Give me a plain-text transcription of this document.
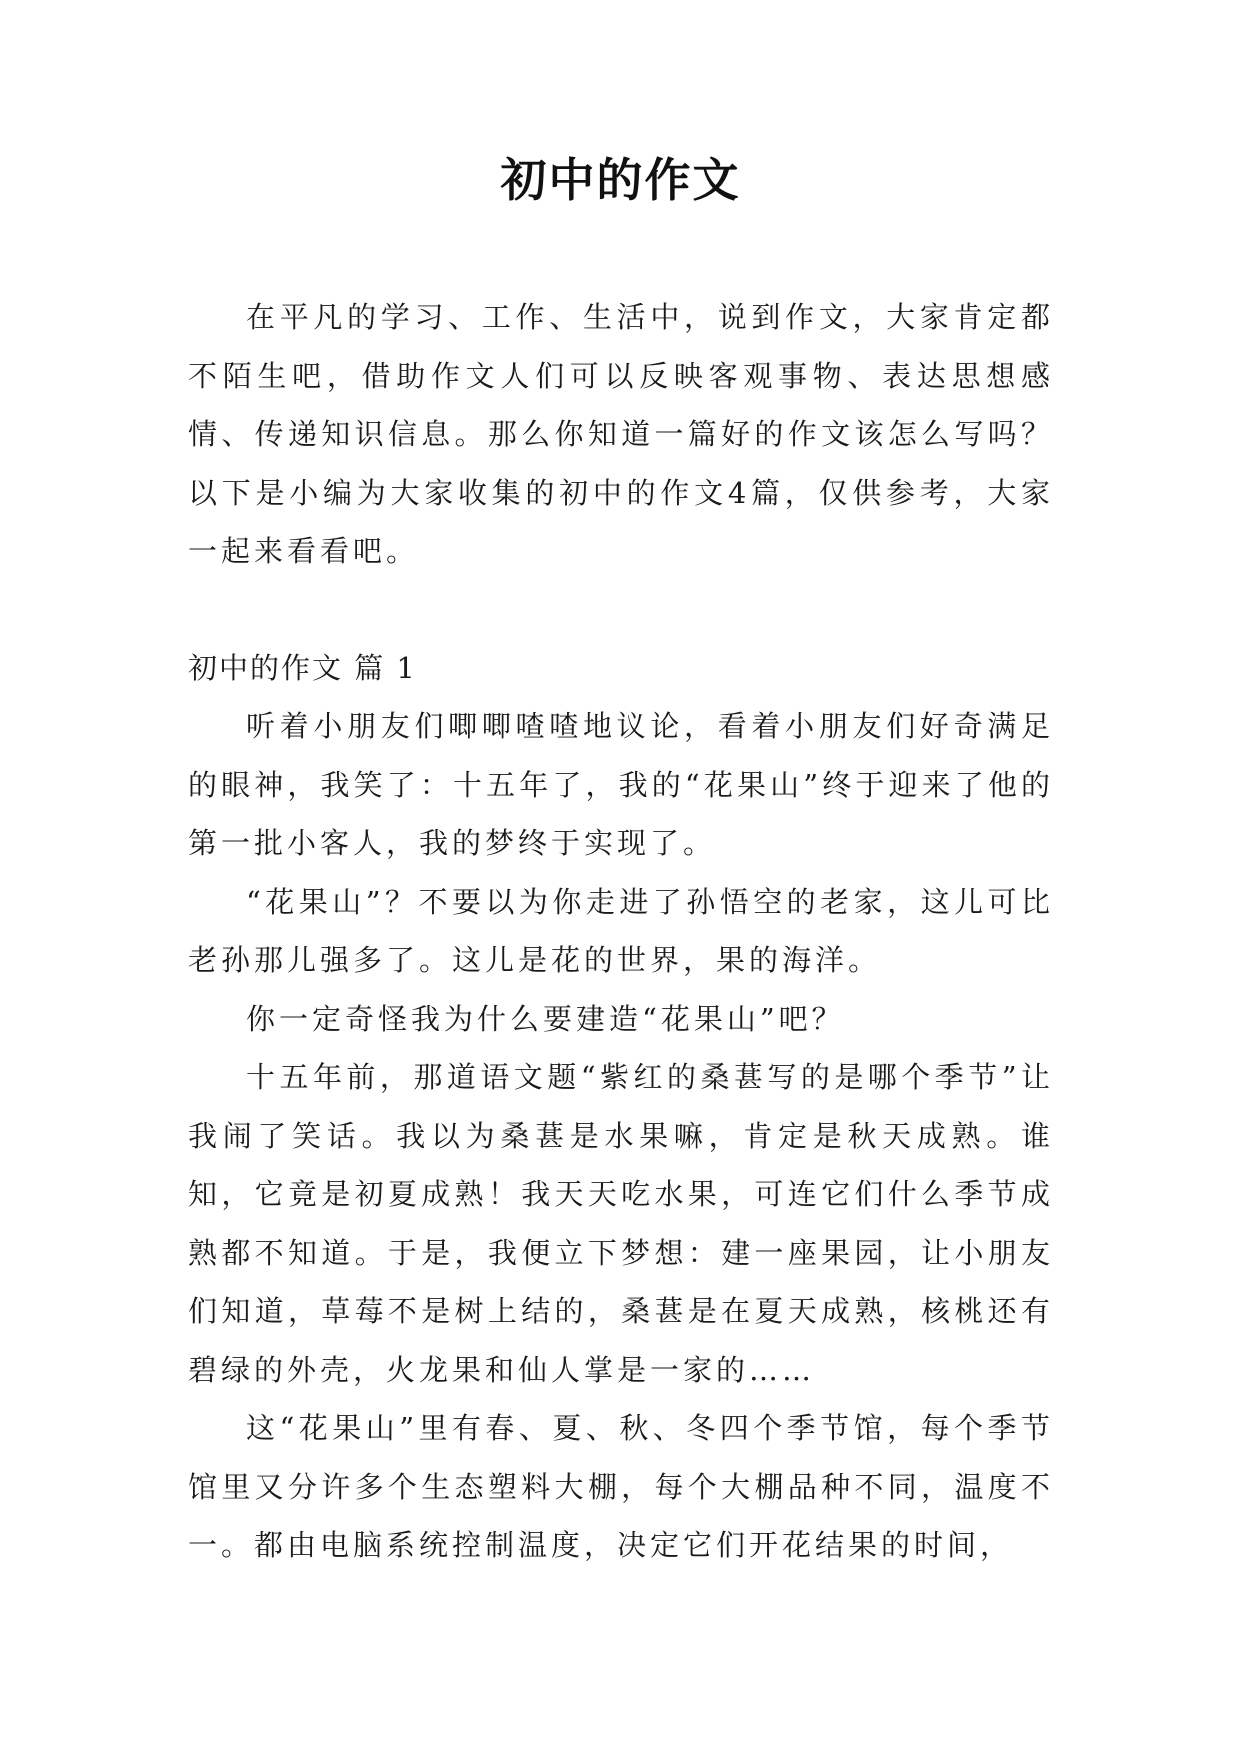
初中的作文

在平凡的学习、工作、生活中，说到作文，大家肯定都不陌生吧，借助作文人们可以反映客观事物、表达思想感情、传递知识信息。那么你知道一篇好的作文该怎么写吗？以下是小编为大家收集的初中的作文4篇，仅供参考，大家一起来看看吧。

初中的作文 篇 1

听着小朋友们唧唧喳喳地议论，看着小朋友们好奇满足的眼神，我笑了：十五年了，我的“花果山”终于迎来了他的第一批小客人，我的梦终于实现了。

“花果山”？不要以为你走进了孙悟空的老家，这儿可比老孙那儿强多了。这儿是花的世界，果的海洋。

你一定奇怪我为什么要建造“花果山”吧？

十五年前，那道语文题“紫红的桑葚写的是哪个季节”让我闹了笑话。我以为桑葚是水果嘛，肯定是秋天成熟。谁知，它竟是初夏成熟！我天天吃水果，可连它们什么季节成熟都不知道。于是，我便立下梦想：建一座果园，让小朋友们知道，草莓不是树上结的，桑葚是在夏天成熟，核桃还有碧绿的外壳，火龙果和仙人掌是一家的……

这“花果山”里有春、夏、秋、冬四个季节馆，每个季节馆里又分许多个生态塑料大棚，每个大棚品种不同，温度不一。都由电脑系统控制温度，决定它们开花结果的时间，
